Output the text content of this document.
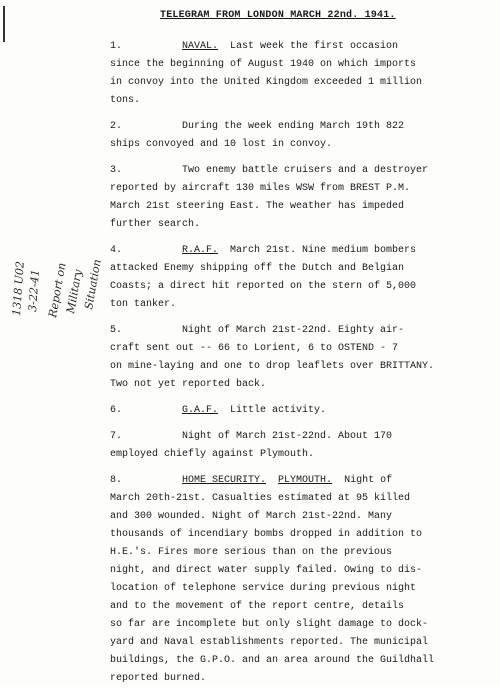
TELEGRAM FROM LONDON MARCH 22nd. 1941.
1318 U02 3-22-41 Report on
Military
Situation
1.	NAVAL. Last week the first occasion
since the beginning of August 1940 on which imports
in convoy into the United Kingdom exceeded 1 million
tons.
2.	During the week ending March 19th 822
ships convoyed and 10 lost in convoy.
3.	Two enemy battle cruisers and a destroyer
reported by aircraft 130 miles WSW from BREST P.M.
March 21st steering East. The weather has impeded
further search.
4.	R.A.F. March 21st. Nine medium bombers
attacked Enemy shipping off the Dutch and Belgian
Coasts; a direct hit reported on the stern of 5,000
ton tanker.
5.	Night of March 21st-22nd. Eighty air-
craft sent out -- 66 to Lorient, 6 to OSTEND - 7
on mine-laying and one to drop leaflets over BRITTANY.
Two not yet reported back.
6.	G.A.F. Little activity.
7.	Night of March 21st-22nd. About 170
employed chiefly against Plymouth.
8.	HOME SECURITY. PLYMOUTH. Night of
March 20th-21st. Casualties estimated at 95 killed
and 300 wounded. Night of March 21st-22nd. Many
thousands of incendiary bombs dropped in addition to
H.E.'s. Fires more serious than on the previous
night, and direct water supply failed. Owing to dis-
location of telephone service during previous night
and to the movement of the report centre, details
so far are incomplete but only slight damage to dock-
yard and Naval establishments reported. The municipal
buildings, the G.P.O. and an area around the Guildhall
reported burned.
